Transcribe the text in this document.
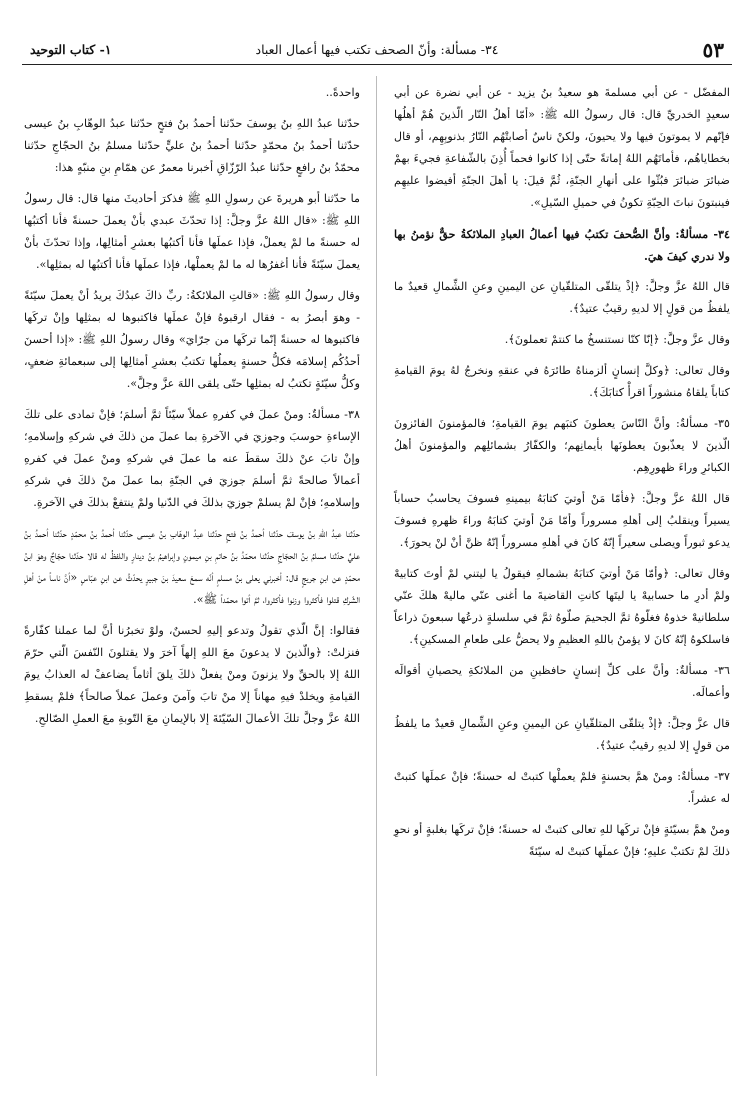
٥٣
٣٤- مسألة: وأنّ الصحف تكتب فيها أعمال العباد
١- كتاب التوحيد

المفضّل - عن أبي مسلمةَ هو سعيدُ بنُ يزيد - عن أبي نضرة عن أبي سعيدٍ الخدريِّ قال: قال رسولُ الله ﷺ: «أمّا أهلُ النّار الّذينَ هُمْ أهلُها فإنّهم لا يموتونَ فيها ولا يحيونَ، ولكنْ ناسٌ أصابتْهُم النّارُ بذنوبِهِم، أو قال بخطاياهُم، فأماتَهُم اللهُ إماتةً حتّى إذا كانوا فحماً أُذِنَ بالشّفاعةِ فجيءَ بهمْ ضبائرَ ضبائرَ فبُثّوا على أنهارِ الجنّةِ، ثُمَّ قيلَ: يا أهلَ الجنّةِ أفيضوا عليهِم فينبتونَ نباتَ الحِبّةِ تكونُ في حميلِ السّيلِ».

٣٤- مسألةٌ: وأنَّ الصُّحفَ تكتبُ فيها أعمالُ العبادِ الملائكةُ حقٌّ نؤمنُ بها ولا ندري كيفَ هيَ.

قال اللهُ عزَّ وجلَّ: ﴿إذْ يتلقّى المتلقّيانِ عن اليمينِ وعنِ الشِّمالِ قعيدٌ ما يلفظُ من قولٍ إلا لديهِ رقيبٌ عتيدٌ﴾.

وقال عزَّ وجلَّ: ﴿إنّا كنّا نستنسخُ ما كنتمْ تعملونَ﴾.

وقال تعالى: ﴿وكلَّ إنسانٍ ألزمناهُ طائرَهُ في عنقهِ ونخرجُ لهُ يومَ القيامةِ كتاباً يلقاهُ منشوراً اقرأْ كتابَكَ﴾.

٣٥- مسألةٌ: وأنَّ النّاسَ يعطونَ كتبَهم يومَ القيامةِ؛ فالمؤمنونَ الفائزونَ الّذينَ لا يعذّبونَ يعطونَها بأيمانِهم؛ والكفّارُ بشمائلِهم والمؤمنونَ أهلُ الكبائرِ وراءَ ظهورِهِم.

قال اللهُ عزَّ وجلَّ: ﴿فأمّا مَنْ أوتيَ كتابَهُ بيمينهِ فسوفَ يحاسبُ حساباً يسيراً وينقلبُ إلى أهلهِ مسروراً وأمّا مَنْ أوتيَ كتابَهُ وراءَ ظهرهِ فسوفَ يدعو ثبوراً ويصلى سعيراً إنّهُ كانَ في أهلهِ مسروراً إنّهُ ظنَّ أنْ لنْ يحورَ﴾.

وقال تعالى: ﴿وأمّا مَنْ أوتيَ كتابَهُ بشمالهِ فيقولُ يا ليتني لمْ أوتَ كتابيهْ ولمْ أدرِ ما حسابيهْ يا ليتَها كانتِ القاضيةَ ما أغنى عنّي ماليهْ هلكَ عنّي سلطانيهْ خذوهُ فغلّوهُ ثمَّ الجحيمَ صلّوهُ ثمَّ في سلسلةٍ ذرعُها سبعونَ ذراعاً فاسلكوهُ إنّهُ كانَ لا يؤمنُ باللهِ العظيمِ ولا يحضُّ على طعامِ المسكينِ﴾.

٣٦- مسألةٌ: وأنَّ على كلِّ إنسانٍ حافظينِ من الملائكةِ يحصيانِ أقوالَه وأعمالَه.

قال عزَّ وجلَّ: ﴿إذْ يتلقّى المتلقّيانِ عن اليمينِ وعنِ الشِّمالِ قعيدٌ ما يلفظُ من قولٍ إلا لديهِ رقيبٌ عتيدٌ﴾.

٣٧- مسألةٌ: ومنْ همَّ بحسنةٍ فلمْ يعملْها كتبتْ له حسنةً؛ فإنْ عملَها كتبتْ له عشراً.

ومنْ همَّ بسيّئةٍ فإنْ تركَها للهِ تعالى كتبتْ له حسنةً؛ فإنْ تركَها بغلبةٍ أو نحوِ ذلكَ لمْ تكتبْ عليهِ؛ فإنْ عملَها كتبتْ له سيّئةً

واحدةً..

حدّثنا عبدُ اللهِ بنُ يوسفَ حدّثنا أحمدُ بنُ فتحٍ حدّثنا عبدُ الوهّابِ بنُ عيسى حدّثنا أحمدُ بنُ محمّدٍ حدّثنا أحمدُ بنُ عليٍّ حدّثنا مسلمُ بنُ الحجّاجِ حدّثنا محمّدُ بنُ رافعٍ حدّثنا عبدُ الرّزّاقِ أخبرنا معمرٌ عن همّامِ بنِ منبّهٍ هذا:

ما حدّثنا أبو هريرةَ عن رسولِ اللهِ ﷺ فذكرَ أحاديثَ منها قال: قال رسولُ اللهِ ﷺ: «قال اللهُ عزَّ وجلَّ: إذا تحدّثَ عبدي بأنْ يعملَ حسنةً فأنا أكتبُها له حسنةً ما لمْ يعملْ، فإذا عملَها فأنا أكتبُها بعشرِ أمثالِها، وإذا تحدّثَ بأنْ يعملَ سيّئةً فأنا أغفرُها له ما لمْ يعملْها، فإذا عملَها فأنا أكتبُها له بمثلِها».

وقال رسولُ اللهِ ﷺ: «قالتِ الملائكةُ: ربِّ ذاكَ عبدُكَ يريدُ أنْ يعملَ سيّئةً - وهوَ أبصرُ به - فقال ارقبوهُ فإنْ عملَها فاكتبوها له بمثلِها وإنْ تركَها فاكتبوها له حسنةً إنّما تركَها من جرّايَ» وقال رسولُ اللهِ ﷺ: «إذا أحسنَ أحدُكُم إسلامَه فكلُّ حسنةٍ يعملُها تكتبُ بعشرِ أمثالِها إلى سبعمائةِ ضعفٍ، وكلُّ سيّئةٍ تكتبُ له بمثلِها حتّى يلقى اللهَ عزَّ وجلَّ».

٣٨- مسألةٌ: ومنْ عملَ في كفرهِ عملاً سيّئاً ثمَّ أسلمَ؛ فإنْ تمادى على تلكَ الإساءةِ حوسبَ وجوزيَ في الآخرةِ بما عملَ من ذلكَ في شركهِ وإسلامهِ؛ وإنْ تابَ عنْ ذلكَ سقطَ عنه ما عملَ في شركهِ ومنْ عملَ في كفرهِ أعمالاً صالحةً ثمَّ أسلمَ جوزيَ في الجنّةِ بما عملَ منْ ذلكَ في شركهِ وإسلامهِ؛ فإنْ لمْ يسلمْ جوزيَ بذلكَ في الدّنيا ولمْ ينتفعْ بذلكَ في الآخرةِ.

حدّثنا عبدُ اللهِ بنُ يوسفَ حدّثنا أحمدُ بنُ فتحٍ حدّثنا عبدُ الوهّابِ بنُ عيسى حدّثنا أحمدُ بنُ محمّدٍ حدّثنا أحمدُ بنُ عليٍّ حدّثنا مسلمُ بنُ الحجّاجِ حدّثنا محمّدُ بنُ حاتمِ بنِ ميمونٍ وإبراهيمُ بنُ دينارٍ واللفظُ له قالا حدّثنا حجّاجٌ وهوَ ابنُ محمّدٍ عن ابنِ جريجٍ قال: أخبرني يعلى بنُ مسلمٍ أنّه سمعَ سعيدَ بنَ جبيرٍ يحدّثُ عن ابنِ عبّاسٍ «أنَّ ناساً منْ أهلِ الشّركِ قتلوا فأكثروا وزنوا فأكثروا، ثمَّ أتوا محمّداً ﷺ».

فقالوا: إنَّ الّذي تقولُ وتدعو إليهِ لحسنٌ، ولوْ تخبرُنا أنَّ لما عملنا كفّارةً فنزلتْ: ﴿والّذينَ لا يدعونَ معَ اللهِ إلهاً آخرَ ولا يقتلونَ النّفسَ الّتي حرّمَ اللهُ إلا بالحقِّ ولا يزنونَ ومنْ يفعلْ ذلكَ يلقَ أثاماً يضاعفْ له العذابُ يومَ القيامةِ ويخلدْ فيهِ مهاناً إلا منْ تابَ وآمنَ وعملَ عملاً صالحاً﴾ فلمْ يسقطِ اللهُ عزَّ وجلَّ تلكَ الأعمالَ السّيّئةَ إلا بالإيمانِ معَ التّوبةِ معَ العملِ الصّالحِ.
